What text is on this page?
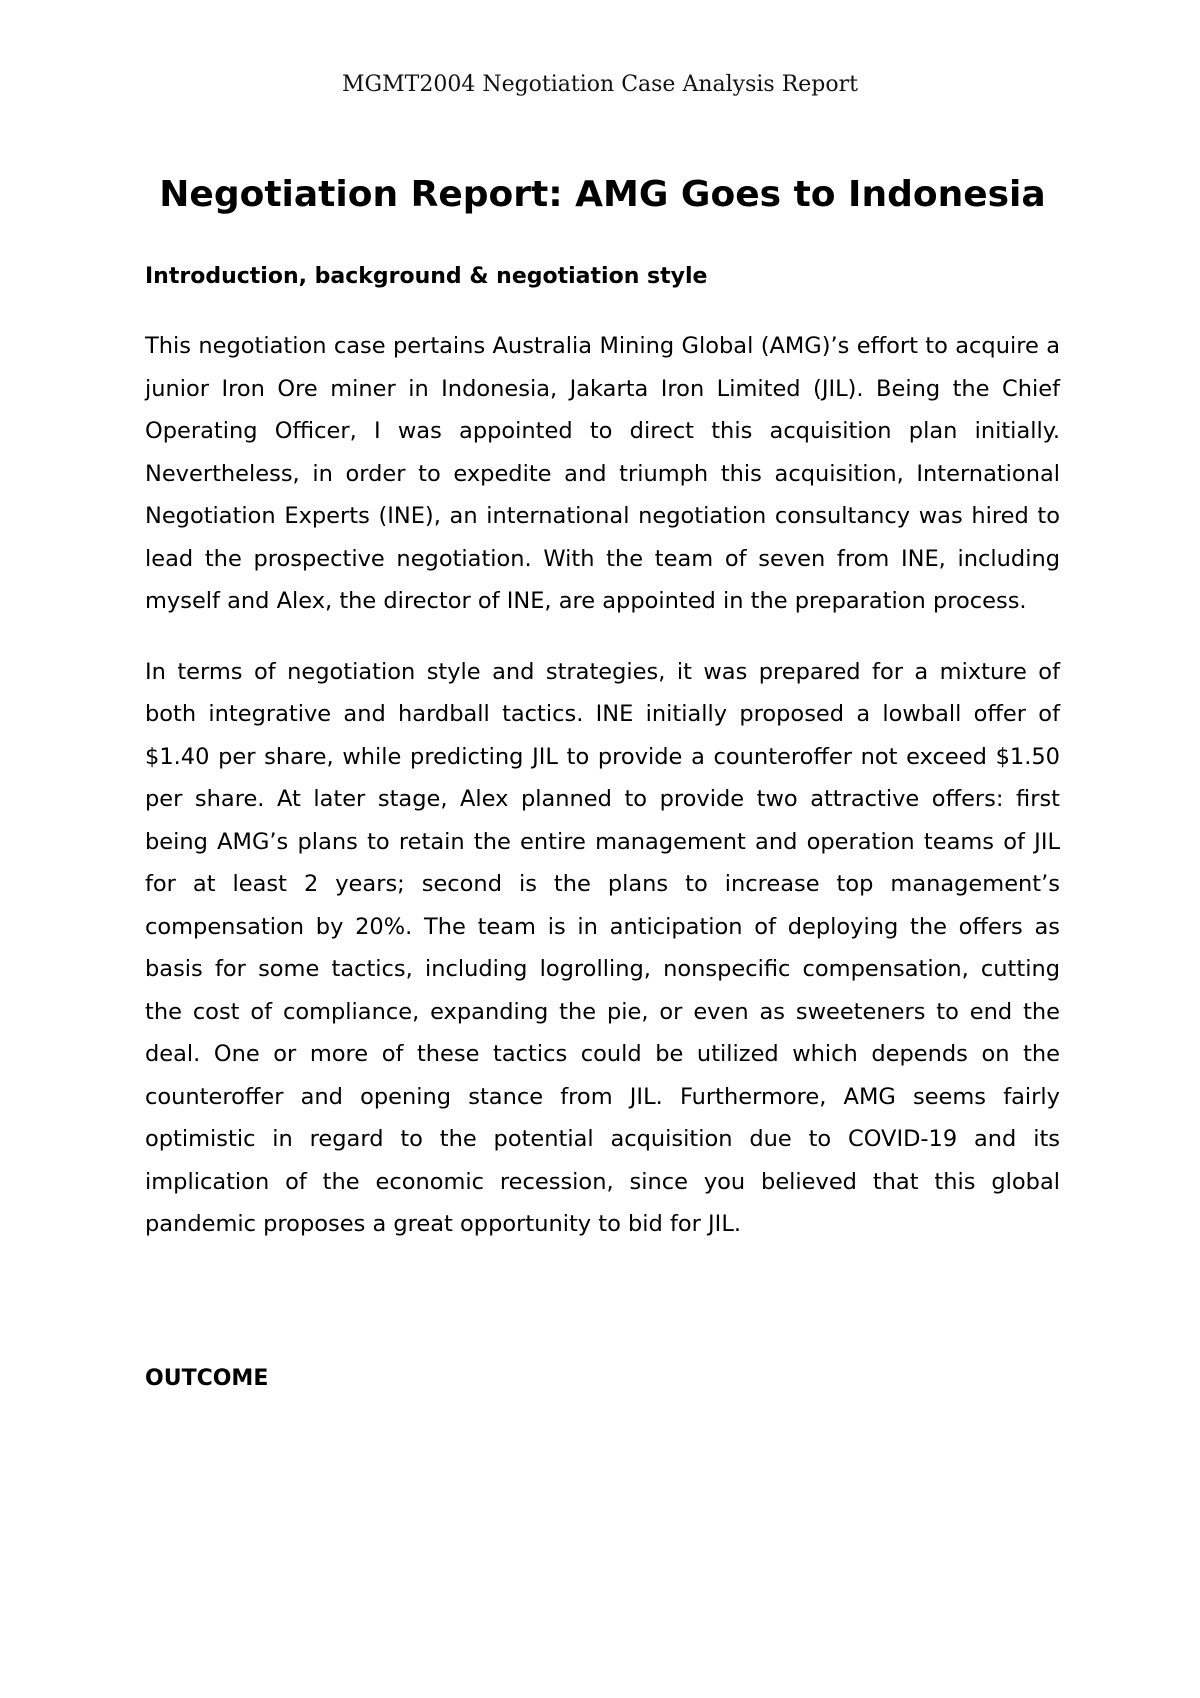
MGMT2004 Negotiation Case Analysis Report
Negotiation Report: AMG Goes to Indonesia
Introduction, background & negotiation style

This negotiation case pertains Australia Mining Global (AMG)’s effort to acquire a junior Iron Ore miner in Indonesia, Jakarta Iron Limited (JIL). Being the Chief Operating Officer, I was appointed to direct this acquisition plan initially. Nevertheless, in order to expedite and triumph this acquisition, International Negotiation Experts (INE), an international negotiation consultancy was hired to lead the prospective negotiation. With the team of seven from INE, including myself and Alex, the director of INE, are appointed in the preparation process.

In terms of negotiation style and strategies, it was prepared for a mixture of both integrative and hardball tactics. INE initially proposed a lowball offer of $1.40 per share, while predicting JIL to provide a counteroffer not exceed $1.50 per share. At later stage, Alex planned to provide two attractive offers: first being AMG’s plans to retain the entire management and operation teams of JIL for at least 2 years; second is the plans to increase top management’s compensation by 20%. The team is in anticipation of deploying the offers as basis for some tactics, including logrolling, nonspecific compensation, cutting the cost of compliance, expanding the pie, or even as sweeteners to end the deal. One or more of these tactics could be utilized which depends on the counteroffer and opening stance from JIL. Furthermore, AMG seems fairly optimistic in regard to the potential acquisition due to COVID-19 and its implication of the economic recession, since you believed that this global pandemic proposes a great opportunity to bid for JIL.

OUTCOME
